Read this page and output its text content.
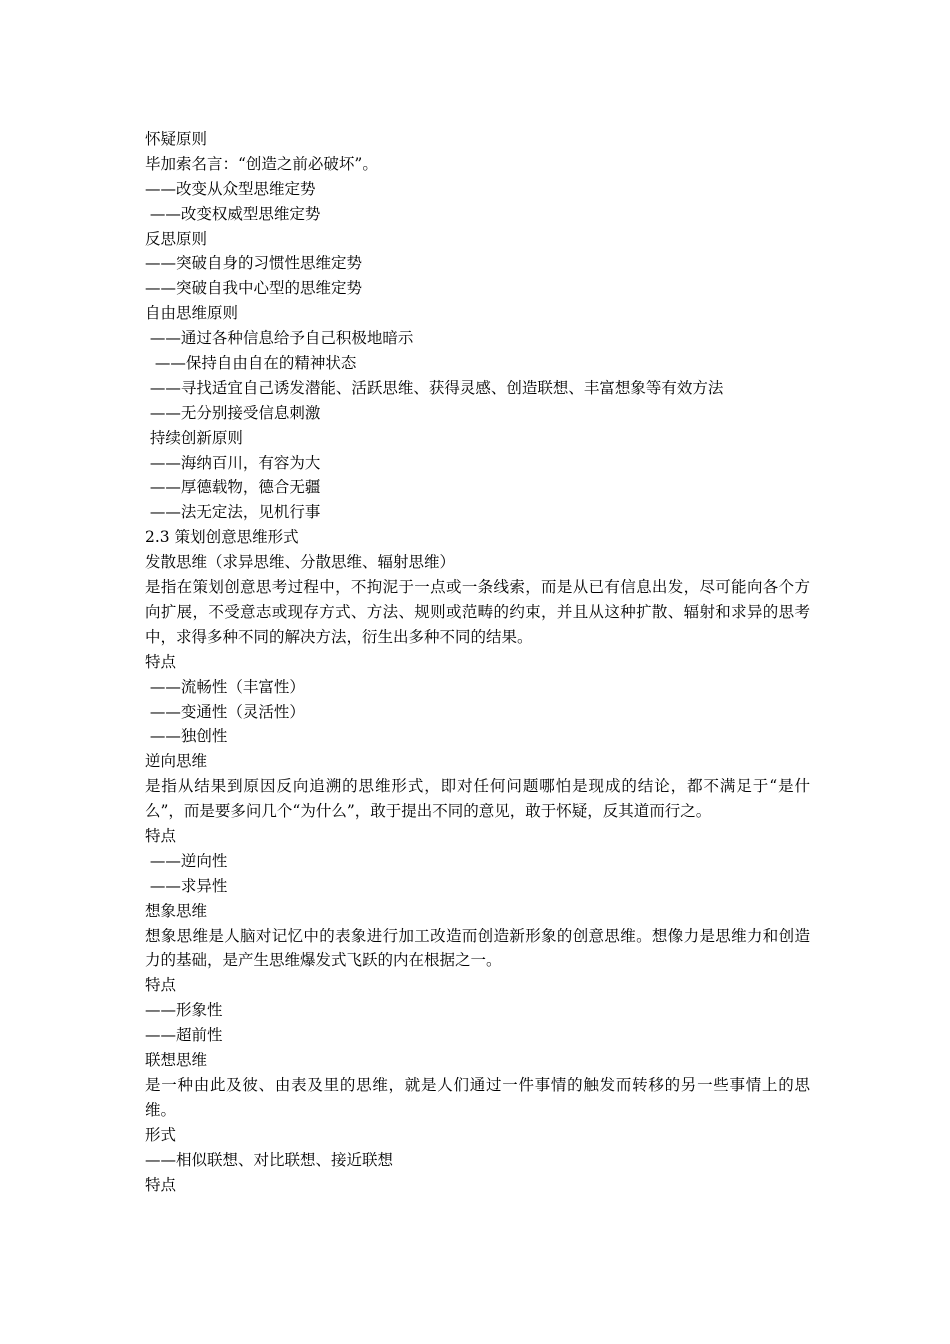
怀疑原则
毕加索名言：“创造之前必破坏”。
——改变从众型思维定势
——改变权威型思维定势
反思原则
——突破自身的习惯性思维定势
——突破自我中心型的思维定势
自由思维原则
——通过各种信息给予自己积极地暗示
——保持自由自在的精神状态
——寻找适宜自己诱发潜能、活跃思维、获得灵感、创造联想、丰富想象等有效方法
——无分别接受信息刺激
持续创新原则
——海纳百川，有容为大
——厚德载物，德合无疆
——法无定法，见机行事
2.3 策划创意思维形式
发散思维（求异思维、分散思维、辐射思维）
是指在策划创意思考过程中，不拘泥于一点或一条线索，而是从已有信息出发，尽可能向各个方向扩展，不受意志或现存方式、方法、规则或范畴的约束，并且从这种扩散、辐射和求异的思考中，求得多种不同的解决方法，衍生出多种不同的结果。
特点
——流畅性（丰富性）
——变通性（灵活性）
——独创性
逆向思维
是指从结果到原因反向追溯的思维形式，即对任何问题哪怕是现成的结论，都不满足于“是什么”，而是要多问几个“为什么”，敢于提出不同的意见，敢于怀疑，反其道而行之。
特点
——逆向性
——求异性
想象思维
想象思维是人脑对记忆中的表象进行加工改造而创造新形象的创意思维。想像力是思维力和创造力的基础，是产生思维爆发式飞跃的内在根据之一。
特点
——形象性
——超前性
联想思维
是一种由此及彼、由表及里的思维，就是人们通过一件事情的触发而转移的另一些事情上的思维。
形式
——相似联想、对比联想、接近联想
特点
